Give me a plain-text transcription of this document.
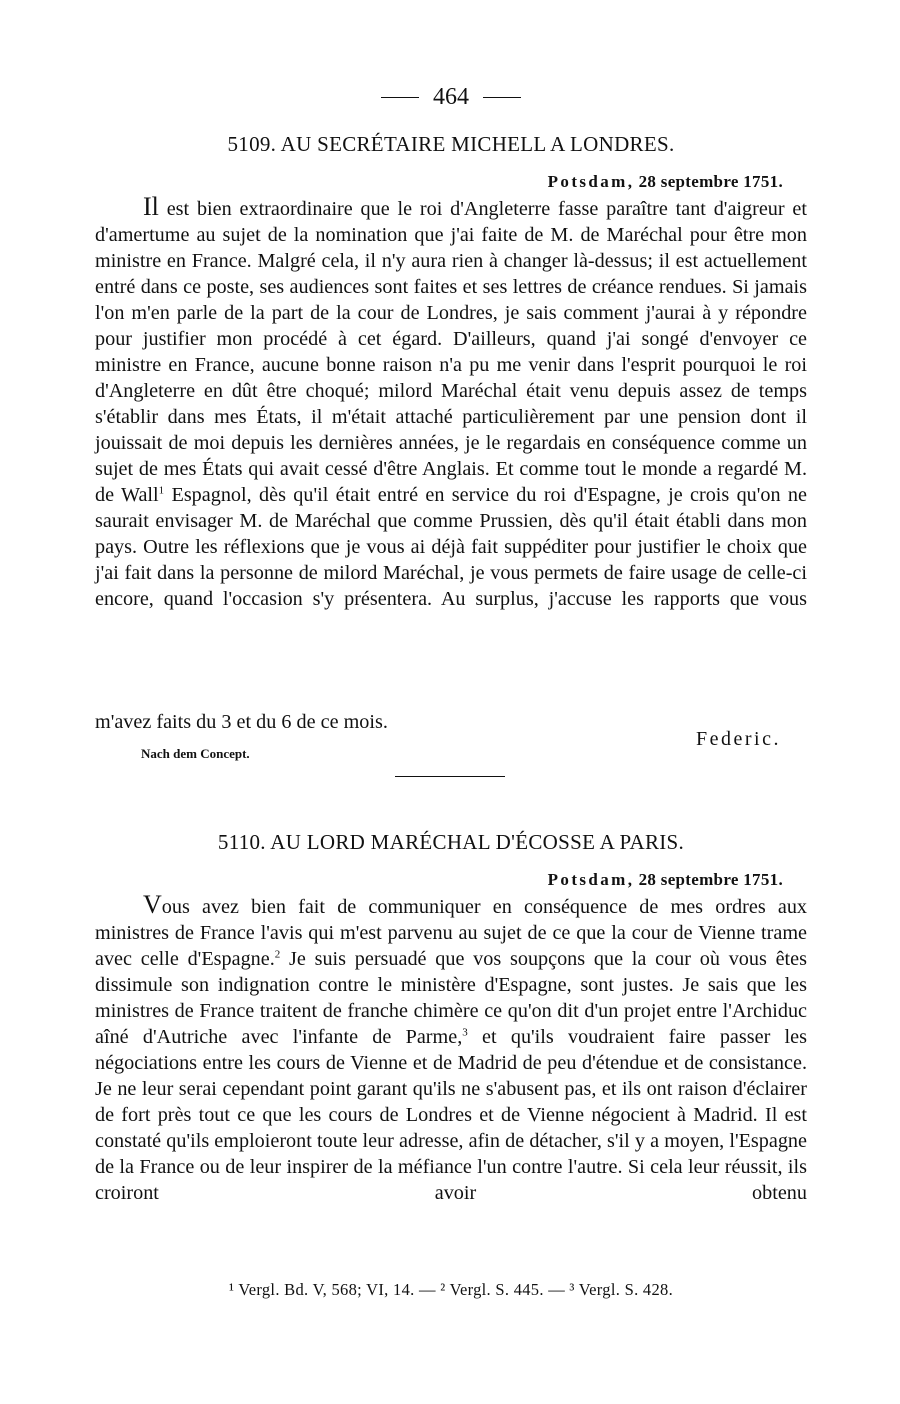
464
5109. AU SECRÉTAIRE MICHELL A LONDRES.
Potsdam, 28 septembre 1751.

Il est bien extraordinaire que le roi d'Angleterre fasse paraître tant d'aigreur et d'amertume au sujet de la nomination que j'ai faite de M. de Maréchal pour être mon ministre en France. Malgré cela, il n'y aura rien à changer là-dessus; il est actuellement entré dans ce poste, ses audiences sont faites et ses lettres de créance rendues. Si jamais l'on m'en parle de la part de la cour de Londres, je sais comment j'aurai à y répondre pour justifier mon procédé à cet égard. D'ailleurs, quand j'ai songé d'envoyer ce ministre en France, aucune bonne raison n'a pu me venir dans l'esprit pourquoi le roi d'Angleterre en dût être choqué; milord Maréchal était venu depuis assez de temps s'établir dans mes États, il m'était attaché particulièrement par une pension dont il jouissait de moi depuis les dernières années, je le regardais en conséquence comme un sujet de mes États qui avait cessé d'être Anglais. Et comme tout le monde a regardé M. de Wall$^1$ Espagnol, dès qu'il était entré en service du roi d'Espagne, je crois qu'on ne saurait envisager M. de Maréchal que comme Prussien, dès qu'il était établi dans mon pays. Outre les réflexions que je vous ai déjà fait suppéditer pour justifier le choix que j'ai fait dans la personne de milord Maréchal, je vous permets de faire usage de celle-ci encore, quand l'occasion s'y présentera. Au surplus, j'accuse les rapports que vous

m'avez faits du 3 et du 6 de ce mois.
Federic.
Nach dem Concept.
5110. AU LORD MARÉCHAL D'ÉCOSSE A PARIS.
Potsdam, 28 septembre 1751.

Vous avez bien fait de communiquer en conséquence de mes ordres aux ministres de France l'avis qui m'est parvenu au sujet de ce que la cour de Vienne trame avec celle d'Espagne.$^2$ Je suis persuadé que vos soupçons que la cour où vous êtes dissimule son indignation contre le ministère d'Espagne, sont justes. Je sais que les ministres de France traitent de franche chimère ce qu'on dit d'un projet entre l'Archiduc aîné d'Autriche avec l'infante de Parme,$^3$ et qu'ils voudraient faire passer les négociations entre les cours de Vienne et de Madrid de peu d'étendue et de consistance. Je ne leur serai cependant point garant qu'ils ne s'abusent pas, et ils ont raison d'éclairer de fort près tout ce que les cours de Londres et de Vienne négocient à Madrid. Il est constaté qu'ils emploieront toute leur adresse, afin de détacher, s'il y a moyen, l'Espagne de la France ou de leur inspirer de la méfiance l'un contre l'autre. Si cela leur réussit, ils croiront avoir obtenu

¹ Vergl. Bd. V, 568; VI, 14. — ² Vergl. S. 445. — ³ Vergl. S. 428.
